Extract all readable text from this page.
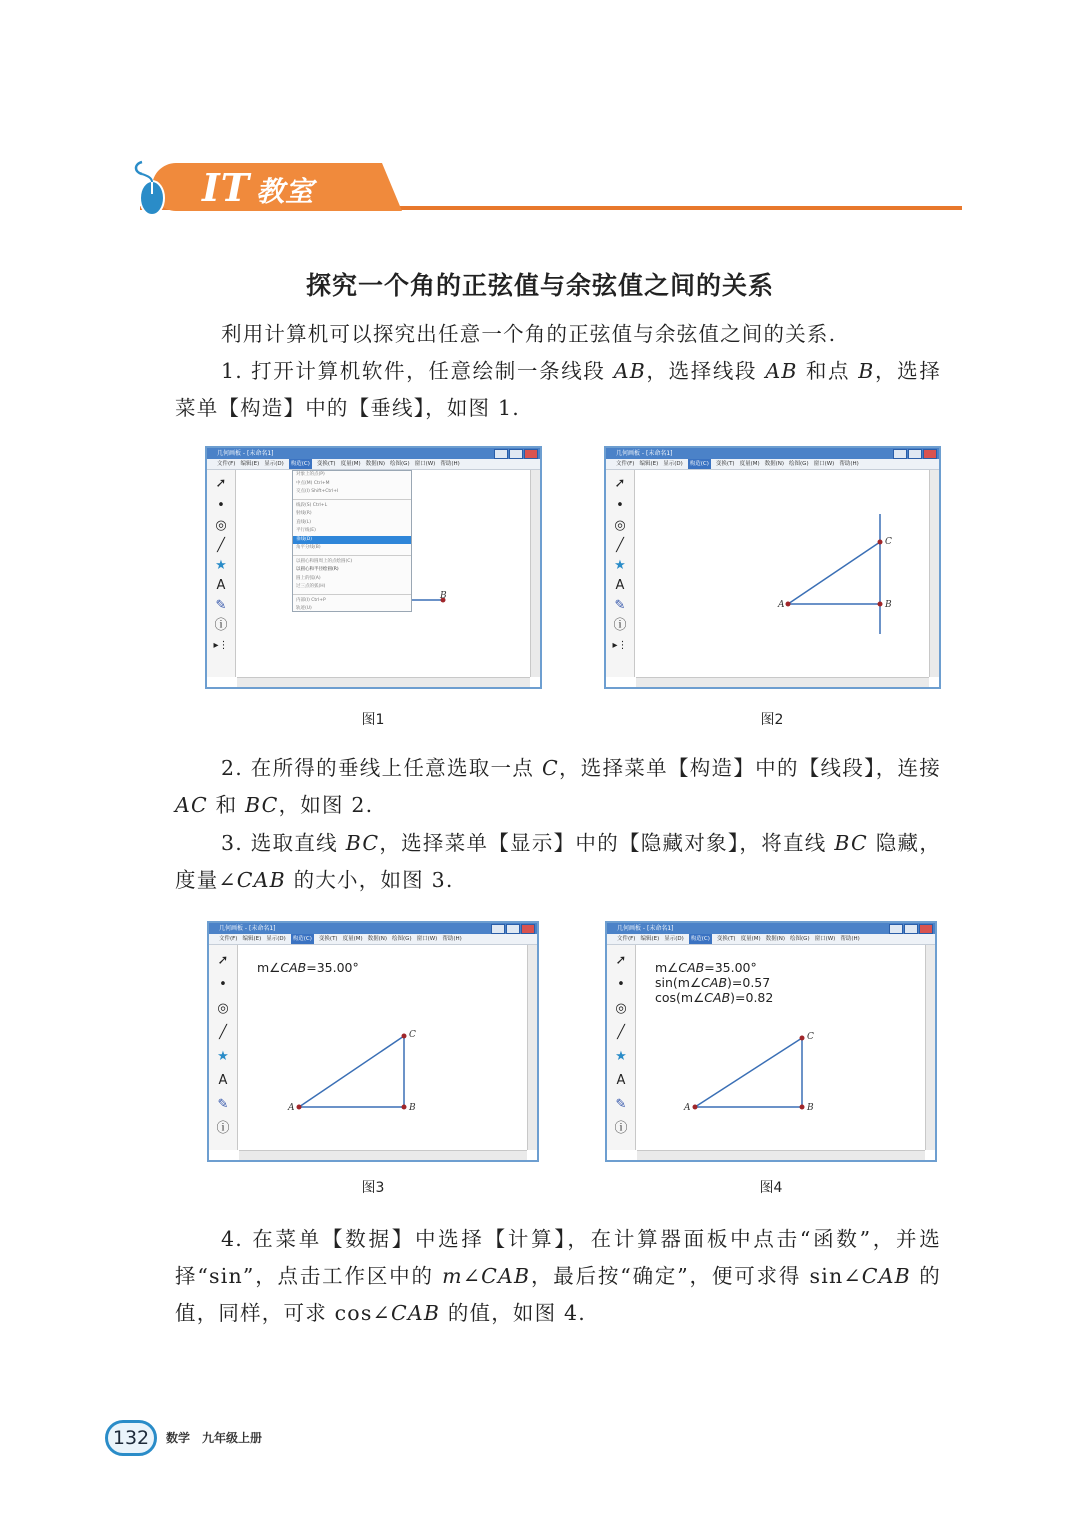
IT 教室
探究一个角的正弦值与余弦值之间的关系
利用计算机可以探究出任意一个角的正弦值与余弦值之间的关系.
1. 打开计算机软件，任意绘制一条线段 AB，选择线段 AB 和点 B，选择菜单【构造】中的【垂线】，如图 1.
几何画板 - [未命名1]
文件(F) 编辑(E) 显示(D)	构造(C)	变换(T) 度量(M) 数据(N) 绘图(G) 窗口(W) 帮助(H)
➚
•
◎
╱
★
A
✎
ⓘ
▸⋮
B
对象上的点(P)
中点(M) Ctrl+M
交点(I) Shift+Ctrl+I
线段(S) Ctrl+L
射线(R)
直线(L)
平行线(E)
垂线(D)
角平分线(B)
以圆心和圆周上的点绘圆(C)
以圆心和半径绘圆(R)
圆上的弧(A)
过三点的弧(H)
内部(I) Ctrl+P
轨迹(U)
几何画板 - [未命名1]
文件(F) 编辑(E) 显示(D)	构造(C)	变换(T) 度量(M) 数据(N) 绘图(G) 窗口(W) 帮助(H)
➚
•
◎
╱
★
A
✎
ⓘ
▸⋮
A	B
C
图1	图2
2. 在所得的垂线上任意选取一点 C，选择菜单【构造】中的【线段】，连接 AC 和 BC，如图 2.
3. 选取直线 BC，选择菜单【显示】中的【隐藏对象】，将直线 BC 隐藏，度量∠CAB 的大小，如图 3.
几何画板 - [未命名1]
文件(F) 编辑(E) 显示(D)	构造(C)	变换(T) 度量(M) 数据(N) 绘图(G) 窗口(W) 帮助(H)
➚
•
◎
╱
★
A
✎
ⓘ
m∠CAB=35.00°
A	B
C
几何画板 - [未命名1]
文件(F) 编辑(E) 显示(D)	构造(C)	变换(T) 度量(M) 数据(N) 绘图(G) 窗口(W) 帮助(H)
➚
•
◎
╱
★
A
✎
ⓘ
m∠CAB=35.00°
sin(m∠CAB)=0.57
cos(m∠CAB)=0.82
A	B
C
图3	图4
4. 在菜单【数据】中选择【计算】，在计算器面板中点击“函数”，并选择“sin”，点击工作区中的 m∠CAB，最后按“确定”，便可求得 sin∠CAB 的值，同样，可求 cos∠CAB 的值，如图 4.
132	数学　九年级上册
